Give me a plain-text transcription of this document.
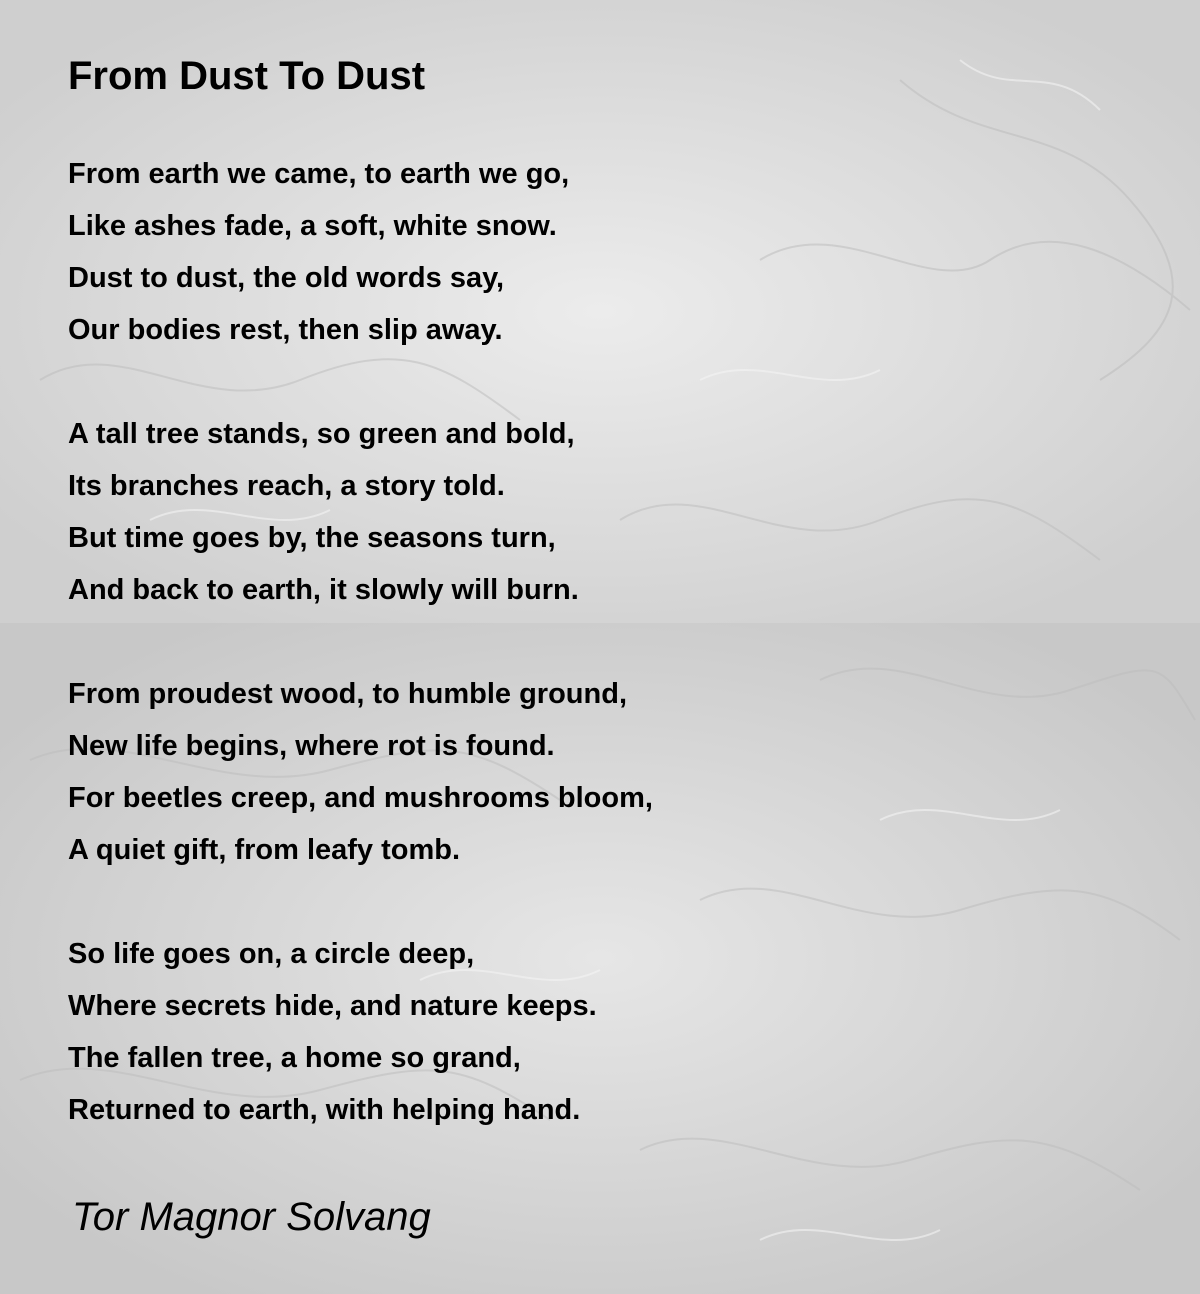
From Dust To Dust
From earth we came, to earth we go,
Like ashes fade, a soft, white snow.
Dust to dust, the old words say,
Our bodies rest, then slip away.
A tall tree stands, so green and bold,
Its branches reach, a story told.
But time goes by, the seasons turn,
And back to earth, it slowly will burn.
From proudest wood, to humble ground,
New life begins, where rot is found.
For beetles creep, and mushrooms bloom,
A quiet gift, from leafy tomb.
So life goes on, a circle deep,
Where secrets hide, and nature keeps.
The fallen tree, a home so grand,
Returned to earth, with helping hand.
Tor Magnor Solvang
